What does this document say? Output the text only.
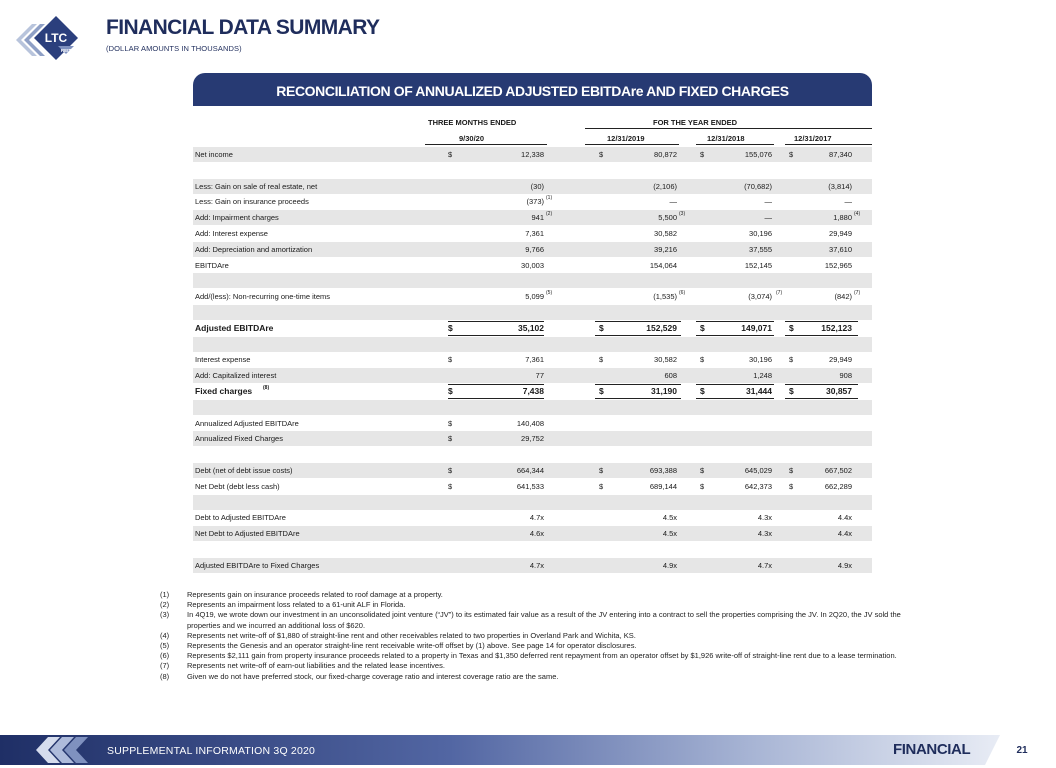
LTC
REIT
FINANCIAL DATA SUMMARY
(DOLLAR AMOUNTS IN THOUSANDS)
RECONCILIATION OF ANNUALIZED ADJUSTED EBITDAre AND FIXED CHARGES
THREE MONTHS ENDED	FOR THE YEAR ENDED
9/30/20	12/31/2019	12/31/2018	12/31/2017
Net income	$	12,338	$	80,872	$	155,076 $	87,340
Less: Gain on sale of real estate, net	(30)	(2,106)	(70,682)	(3,814)
Less: Gain on insurance proceeds	(373) (1)	—	—	—
Add: Impairment charges	941 (2)	5,500 (3)	—	1,880 (4)
Add: Interest expense	7,361	30,582	30,196	29,949
Add: Depreciation and amortization	9,766	39,216	37,555	37,610
EBITDAre	30,003	154,064	152,145	152,965
Add/(less): Non-recurring one-time items	5,099 (5)	(1,535) (6)	(3,074) (7)	(842) (7)
Adjusted EBITDAre	$	35,102	$	152,529	$	149,071 $	152,123
Interest expense	$	7,361	$	30,582	$	30,196 $	29,949
Add: Capitalized interest	77	608	1,248	908
Fixed charges (8)	$	7,438	$	31,190	$	31,444 $	30,857
Annualized Adjusted EBITDAre	$	140,408
Annualized Fixed Charges	$	29,752
Debt (net of debt issue costs)	$	664,344	$	693,388	$	645,029 $	667,502
Net Debt (debt less cash)	$	641,533	$	689,144	$	642,373 $	662,289
Debt to Adjusted EBITDAre	4.7x	4.5x	4.3x	4.4x
Net Debt to Adjusted EBITDAre	4.6x	4.5x	4.3x	4.4x
Adjusted EBITDAre to Fixed Charges	4.7x	4.9x	4.7x	4.9x
(1)	Represents gain on insurance proceeds related to roof damage at a property.
(2)	Represents an impairment loss related to a 61-unit ALF in Florida.
(3)	In 4Q19, we wrote down our investment in an unconsolidated joint venture (“JV”) to its estimated fair value as a result of the JV entering into a contract to sell the properties comprising the JV. In 2Q20, the JV sold the properties and we incurred an additional loss of $620.
(4)	Represents net write-off of $1,880 of straight-line rent and other receivables related to two properties in Overland Park and Wichita, KS.
(5)	Represents the Genesis and an operator straight-line rent receivable write-off offset by (1) above. See page 14 for operator disclosures.
(6)	Represents $2,111 gain from property insurance proceeds related to a property in Texas and $1,350 deferred rent repayment from an operator offset by $1,926 write-off of straight-line rent due to a lease termination.
(7)	Represents net write-off of earn-out liabilities and the related lease incentives.
(8)	Given we do not have preferred stock, our fixed-charge coverage ratio and interest coverage ratio are the same.
SUPPLEMENTAL INFORMATION 3Q 2020	FINANCIAL	21
